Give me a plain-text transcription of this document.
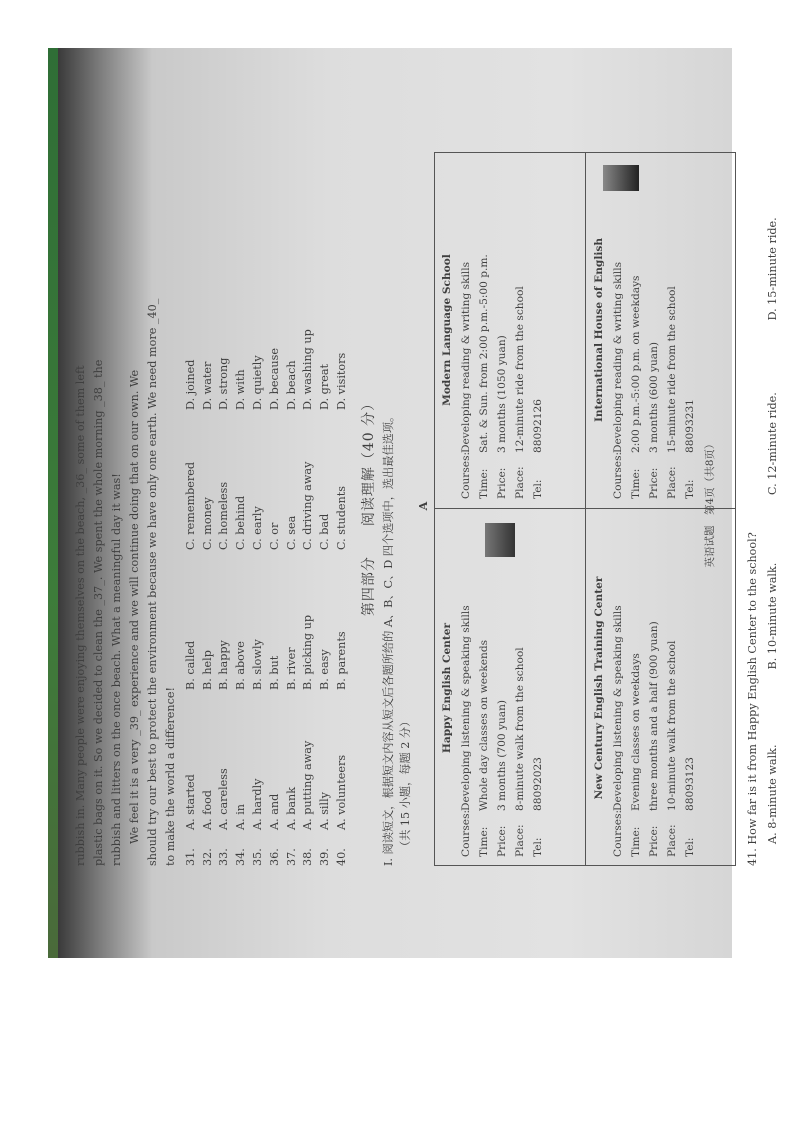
rubbish in. Many people were enjoying themselves on the beach, _36_ some of them left plastic bags on it. So we decided to clean the _37_. We spent the whole morning _38_ the rubbish and litters on the once beach. What a meaningful day it was! We feel it is a very _39_ experience and we will continue doing that on our own. We should try our best to protect the environment because we have only one earth. We need more _40_ to make the world a difference! 31.
A. started
B. called
C. remembered
D. joined
32.
A. food
B. help
C. money
D. water
33.
A. careless
B. happy
C. homeless
D. strong
34.
A. in
B. above
C. behind
D. with
35.
A. hardly
B. slowly
C. early
D. quietly
36.
A. and
B. but
C. or
D. because
37.
A. bank
B. river
C. sea
D. beach
38.
A. putting away
B. picking up
C. driving away
D. washing up
39.
A. silly
B. easy
C. bad
D. great
40.
A. volunteers
B. parents
C. students
D. visitors
第四部分　　阅读理解（40 分） Ⅰ. 阅读短文，根据短文内容从短文后各题所给的 A、B、C、D 四个选项中，选出最佳选项。 （共 15 小题，每题 2 分）
A
Happy English Center
Courses:Developing listening & speaking skills
Time:Whole day classes on weekends
Price:3 months (700 yuan)
Place:8-minute walk from the school
Tel:88092023
Modern Language School
Courses:Developing reading & writing skills
Time:Sat. & Sun. from 2:00 p.m.-5:00 p.m.
Price:3 months (1050 yuan)
Place:12-minute ride from the school
Tel:88092126
New Century English Training Center
Courses:Developing listening & speaking skills
Time:Evening classes on weekdays
Price:three months and a half (900 yuan)
Place:10-minute walk from the school
Tel:88093123
International House of English
Courses:Developing reading & writing skills
Time:2:00 p.m.-5:00 p.m. on weekdays
Price:3 months (600 yuan)
Place:15-minute ride from the school
Tel:88093231
41. How far is it from Happy English Center to the school? A. 8-minute walk.
B. 10-minute walk.
C. 12-minute ride.
D. 15-minute ride.
英语试题　第4页（共8页）
